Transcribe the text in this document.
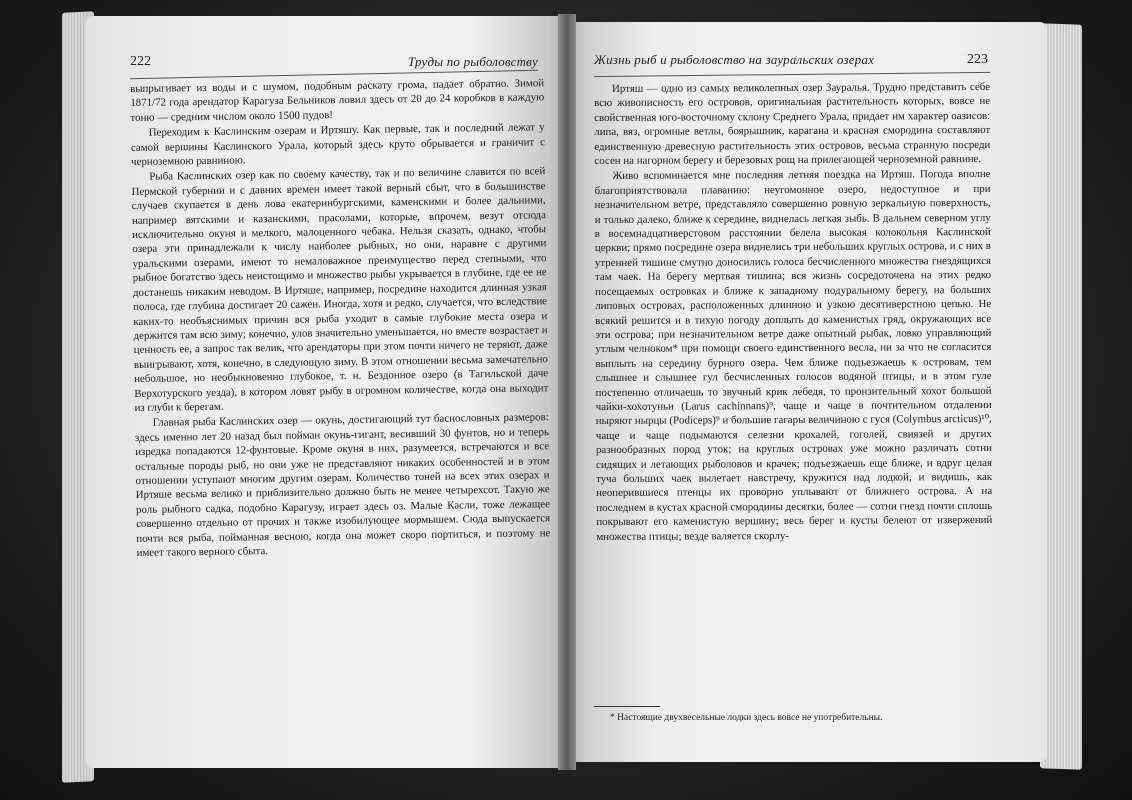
222	Труды по рыболовству

выпрыгивает из воды и с шумом, подобным раскату грома, падает обратно. Зимой 1871/72 года арендатор Карагуза Бельников ловил здесь от 20 до 24 коробков в каждую тоню — средним числом около 1500 пудов!

Переходим к Каслинским озерам и Иртяшу. Как первые, так и последний лежат у самой вершины Каслинского Урала, который здесь круто обрывается и граничит с черноземною равниною.

Рыба Каслинских озер как по своему качеству, так и по величине славится по всей Пермской губернии и с давних времен имеет такой верный сбыт, что в большинстве случаев скупается в день лова екатеринбургскими, каменскими и более дальними, например вятскими и казанскими, прасолами, которые, впрочем, везут отсюда исключительно окуня и мелкого, малоценного чебака. Нельзя сказать, однако, чтобы озера эти принадлежали к числу наиболее рыбных, но они, наравне с другими уральскими озерами, имеют то немаловажное преимущество перед степными, что рыбное богатство здесь неистощимо и множество рыбы укрывается в глубине, где ее не достанешь никаким неводом. В Иртяше, например, посредине находится длинная узкая полоса, где глубина достигает 20 сажен. Иногда, хотя и редко, случается, что вследствие каких-то необъяснимых причин вся рыба уходит в самые глубокие места озера и держится там всю зиму; конечно, улов значительно уменьшается, но вместе возрастает и ценность ее, а запрос так велик, что арендаторы при этом почти ничего не теряют, даже выигрывают, хотя, конечно, в следующую зиму. В этом отношении весьма замечательно небольшое, но необыкновенно глубокое, т. н. Бездонное озеро (в Тагильской даче Верхотурского уезда), в котором ловят рыбу в огромном количестве, когда она выходит из глуби к берегам.

Главная рыба Каслинских озер — окунь, достигающий тут баснословных размеров: здесь именно лет 20 назад был пойман окунь-гигант, весивший 30 фунтов, но и теперь изредка попадаются 12-фунтовые. Кроме окуня в них, разумеется, встречаются и все остальные породы рыб, но они уже не представляют никаких особенностей и в этом отношении уступают многим другим озерам. Количество тоней на всех этих озерах и Иртяше весьма велико и приблизительно должно быть не менее четырехсот. Такую же роль рыбного садка, подобно Карагузу, играет здесь оз. Малые Касли, тоже лежащее совершенно отдельно от прочих и также изобилующее мормышем. Сюда выпускается почти вся рыба, пойманная весною, когда она может скоро портиться, и поэтому не имеет такого верного сбыта.

Жизнь рыб и рыболовство на зауральских озерах	223

Иртяш — одно из самых великолепных озер Зауралья. Трудно представить себе всю живописность его островов, оригинальная растительность которых, вовсе не свойственная юго-восточному склону Среднего Урала, придает им характер оазисов: липа, вяз, огромные ветлы, боярышник, карагана и красная смородина составляют единственную древесную растительность этих островов, весьма странную посреди сосен на нагорном берегу и березовых рощ на прилегающей черноземной равнине.

Живо вспоминается мне последняя летняя поездка на Иртяш. Погода вполне благоприятствовала плаванию: неугомонное озеро, недоступное и при незначительном ветре, представляло совершенно ровную зеркальную поверхность, и только далеко, ближе к середине, виднелась легкая зыбь. В дальнем северном углу в восемнадцативерстовом расстоянии белела высокая колокольня Каслинской церкви; прямо посредине озера виднелись три небольших круглых острова, и с них в утренней тишине смутно доносились голоса бесчисленного множества гнездящихся там чаек. На берегу мертвая тишина; вся жизнь сосредоточена на этих редко посещаемых островках и ближе к западному подуральному берегу, на больших липовых островах, расположенных длинною и узкою десятиверстною цепью. Не всякий решится и в тихую погоду доплыть до каменистых гряд, окружающих все эти острова; при незначительном ветре даже опытный рыбак, ловко управляющий утлым челноком* при помощи своего единственного весла, ни за что не согласится выплыть на середину бурного озера. Чем ближе подъезжаешь к островам, тем слышнее и слышнее гул бесчисленных голосов водяной птицы, и в этом гуле постепенно отличаешь то звучный крик лебедя, то пронзительный хохот большой чайки-хохотуньи (Larus cachinnans)⁹, чаще и чаще в почтительном отдалении ныряют нырцы (Podiceps)⁹ и большие гагары величиною с гуся (Colymbus arcticus)¹⁰, чаще и чаще подымаются селезни крохалей, гоголей, свиязей и других разнообразных пород уток; на круглых островах уже можно различать сотни сидящих и летающих рыболовов и крачек; подъезжаешь еще ближе, и вдруг целая туча больших чаек вылетает навстречу, кружится над лодкой, и видишь, как неоперившиеся птенцы их проворно уплывают от ближнего острова. А на последнем в кустах красной смородины десятки, более — сотни гнезд почти сплошь покрывают его каменистую вершину; весь берег и кусты белеют от извержений множества птицы; везде валяется скорлу-

* Настоящие двухвесельные лодки здесь вовсе не употребительны.
